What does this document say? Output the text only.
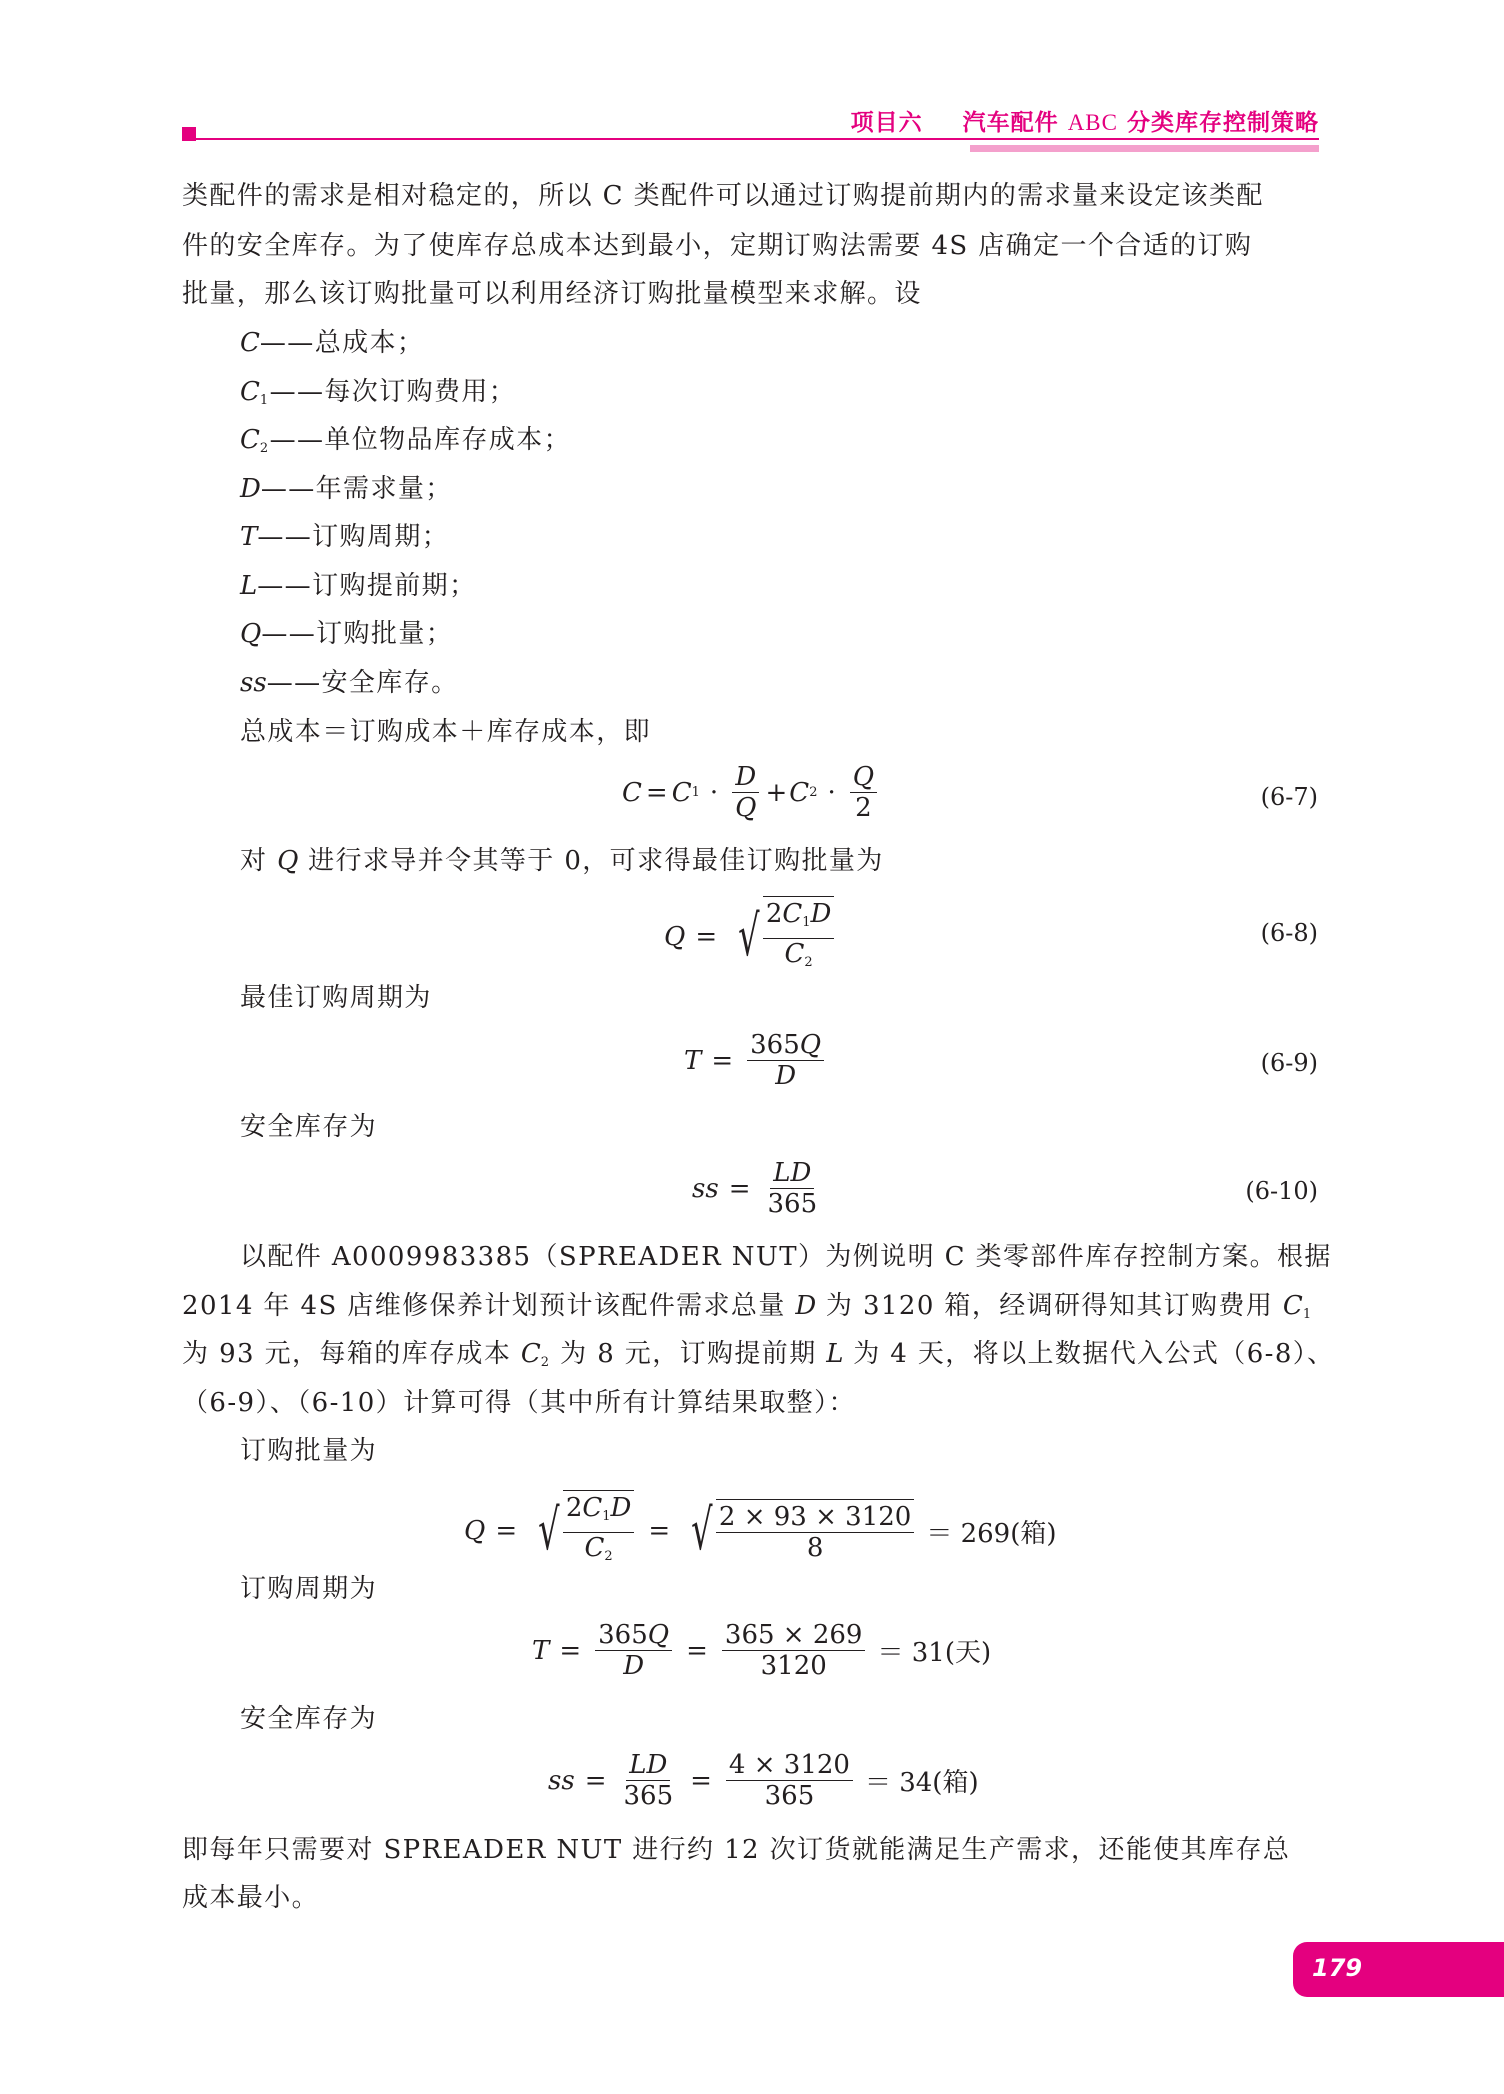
项目六 汽车配件 ABC 分类库存控制策略
类配件的需求是相对稳定的，所以 C 类配件可以通过订购提前期内的需求量来设定该类配
件的安全库存。为了使库存总成本达到最小，定期订购法需要 4S 店确定一个合适的订购
批量，那么该订购批量可以利用经济订购批量模型来求解。设
C——总成本；
$C_1——$每次订购费用；
$C_2——$单位物品库存成本；
D——年需求量；
T——订购周期；
L——订购提前期；
Q——订购批量；
ss——安全库存。
总成本＝订购成本＋库存成本，即
C = C $1 \cdot \frac{D}{Q} + C$ $2 \cdot \frac{Q}{2}$	(6-7)
对 Q 进行求导并令其等于 0，可求得最佳订购批量为
Q = √ $\frac{2C_1D}{C_2}$	(6-8)
最佳订购周期为
$T = \frac{365Q}{D}$	(6-9)
安全库存为
ss = $\frac{LD}{365}$	(6-10)
以配件 A0009983385（SPREADER NUT）为例说明 C 类零部件库存控制方案。根据
2014 年 4S 店维修保养计划预计该配件需求总量 D 为 3120 箱，经调研得知其订购费用 $C_1$
为 93 元，每箱的库存成本 $C_2$ 为 8 元，订购提前期 L 为 4 天，将以上数据代入公式（6-8）、
（6-9）、（6-10）计算可得（其中所有计算结果取整）：
订购批量为
Q = √ $\frac{2C_1D}{C_2}$ = √ $\frac{2 \times 93 \times 3120}{8} = 269$(箱)
订购周期为
$T = \frac{365Q}{D} = \frac{365 \times 269}{3120} = 31$(天)
安全库存为
ss = $\frac{LD}{365} = \frac{4 \times 3120}{365} = 34$(箱)
即每年只需要对 SPREADER NUT 进行约 12 次订货就能满足生产需求，还能使其库存总
成本最小。
179
